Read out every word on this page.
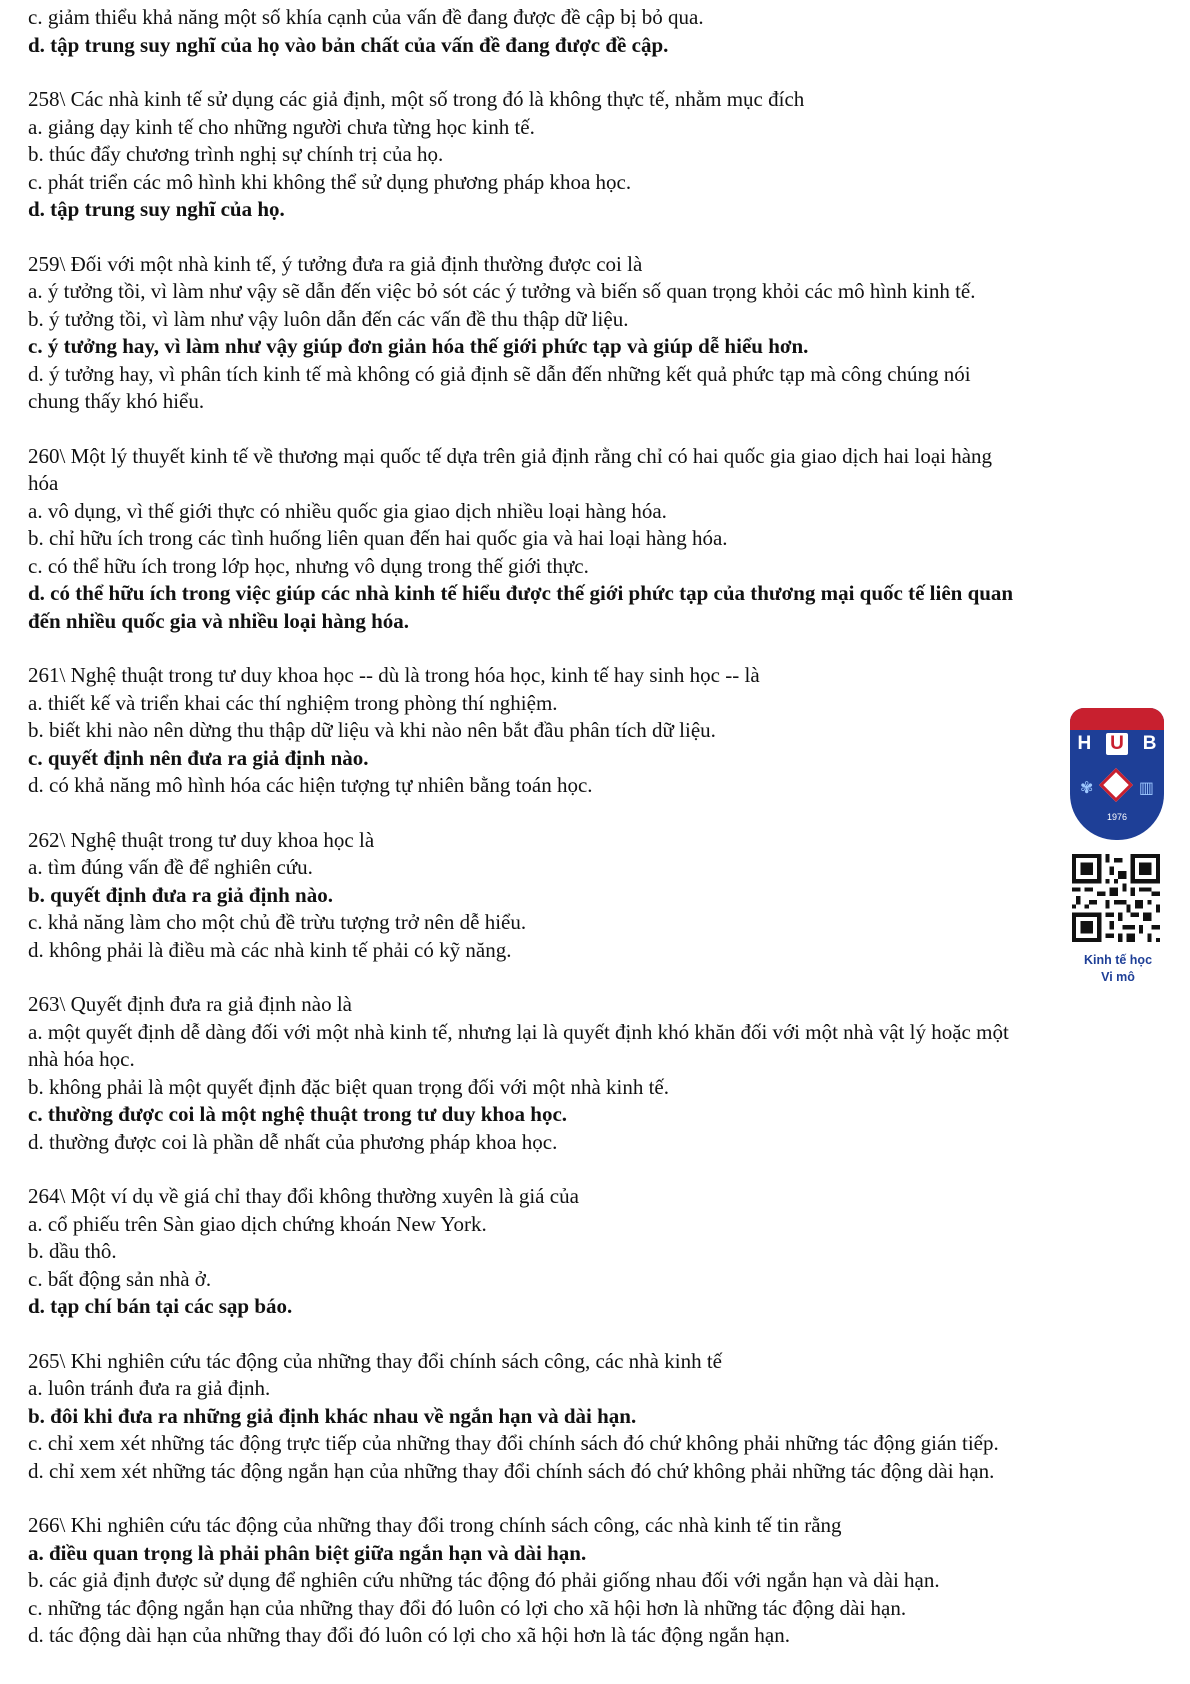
c. giảm thiểu khả năng một số khía cạnh của vấn đề đang được đề cập bị bỏ qua.
d. tập trung suy nghĩ của họ vào bản chất của vấn đề đang được đề cập.
258\ Các nhà kinh tế sử dụng các giả định, một số trong đó là không thực tế, nhằm mục đích
a. giảng dạy kinh tế cho những người chưa từng học kinh tế.
b. thúc đẩy chương trình nghị sự chính trị của họ.
c. phát triển các mô hình khi không thể sử dụng phương pháp khoa học.
d. tập trung suy nghĩ của họ.
259\ Đối với một nhà kinh tế, ý tưởng đưa ra giả định thường được coi là
a. ý tưởng tồi, vì làm như vậy sẽ dẫn đến việc bỏ sót các ý tưởng và biến số quan trọng khỏi các mô hình kinh tế.
b. ý tưởng tồi, vì làm như vậy luôn dẫn đến các vấn đề thu thập dữ liệu.
c. ý tưởng hay, vì làm như vậy giúp đơn giản hóa thế giới phức tạp và giúp dễ hiểu hơn.
d. ý tưởng hay, vì phân tích kinh tế mà không có giả định sẽ dẫn đến những kết quả phức tạp mà công chúng nói
chung thấy khó hiểu.
260\ Một lý thuyết kinh tế về thương mại quốc tế dựa trên giả định rằng chỉ có hai quốc gia giao dịch hai loại hàng
hóa
a. vô dụng, vì thế giới thực có nhiều quốc gia giao dịch nhiều loại hàng hóa.
b. chỉ hữu ích trong các tình huống liên quan đến hai quốc gia và hai loại hàng hóa.
c. có thể hữu ích trong lớp học, nhưng vô dụng trong thế giới thực.
d. có thể hữu ích trong việc giúp các nhà kinh tế hiểu được thế giới phức tạp của thương mại quốc tế liên quan
đến nhiều quốc gia và nhiều loại hàng hóa.
261\ Nghệ thuật trong tư duy khoa học -- dù là trong hóa học, kinh tế hay sinh học -- là
a. thiết kế và triển khai các thí nghiệm trong phòng thí nghiệm.
b. biết khi nào nên dừng thu thập dữ liệu và khi nào nên bắt đầu phân tích dữ liệu.
c. quyết định nên đưa ra giả định nào.
d. có khả năng mô hình hóa các hiện tượng tự nhiên bằng toán học.
262\ Nghệ thuật trong tư duy khoa học là
a. tìm đúng vấn đề để nghiên cứu.
b. quyết định đưa ra giả định nào.
c. khả năng làm cho một chủ đề trừu tượng trở nên dễ hiểu.
d. không phải là điều mà các nhà kinh tế phải có kỹ năng.
263\ Quyết định đưa ra giả định nào là
a. một quyết định dễ dàng đối với một nhà kinh tế, nhưng lại là quyết định khó khăn đối với một nhà vật lý hoặc một
nhà hóa học.
b. không phải là một quyết định đặc biệt quan trọng đối với một nhà kinh tế.
c. thường được coi là một nghệ thuật trong tư duy khoa học.
d. thường được coi là phần dễ nhất của phương pháp khoa học.
264\ Một ví dụ về giá chỉ thay đổi không thường xuyên là giá của
a. cổ phiếu trên Sàn giao dịch chứng khoán New York.
b. dầu thô.
c. bất động sản nhà ở.
d. tạp chí bán tại các sạp báo.
265\ Khi nghiên cứu tác động của những thay đổi chính sách công, các nhà kinh tế
a. luôn tránh đưa ra giả định.
b. đôi khi đưa ra những giả định khác nhau về ngắn hạn và dài hạn.
c. chỉ xem xét những tác động trực tiếp của những thay đổi chính sách đó chứ không phải những tác động gián tiếp.
d. chỉ xem xét những tác động ngắn hạn của những thay đổi chính sách đó chứ không phải những tác động dài hạn.
266\ Khi nghiên cứu tác động của những thay đổi trong chính sách công, các nhà kinh tế tin rằng
a. điều quan trọng là phải phân biệt giữa ngắn hạn và dài hạn.
b. các giả định được sử dụng để nghiên cứu những tác động đó phải giống nhau đối với ngắn hạn và dài hạn.
c. những tác động ngắn hạn của những thay đổi đó luôn có lợi cho xã hội hơn là những tác động dài hạn.
d. tác động dài hạn của những thay đổi đó luôn có lợi cho xã hội hơn là tác động ngắn hạn.
H U B
✾	▥
1976
Kinh tế học
Vi mô
